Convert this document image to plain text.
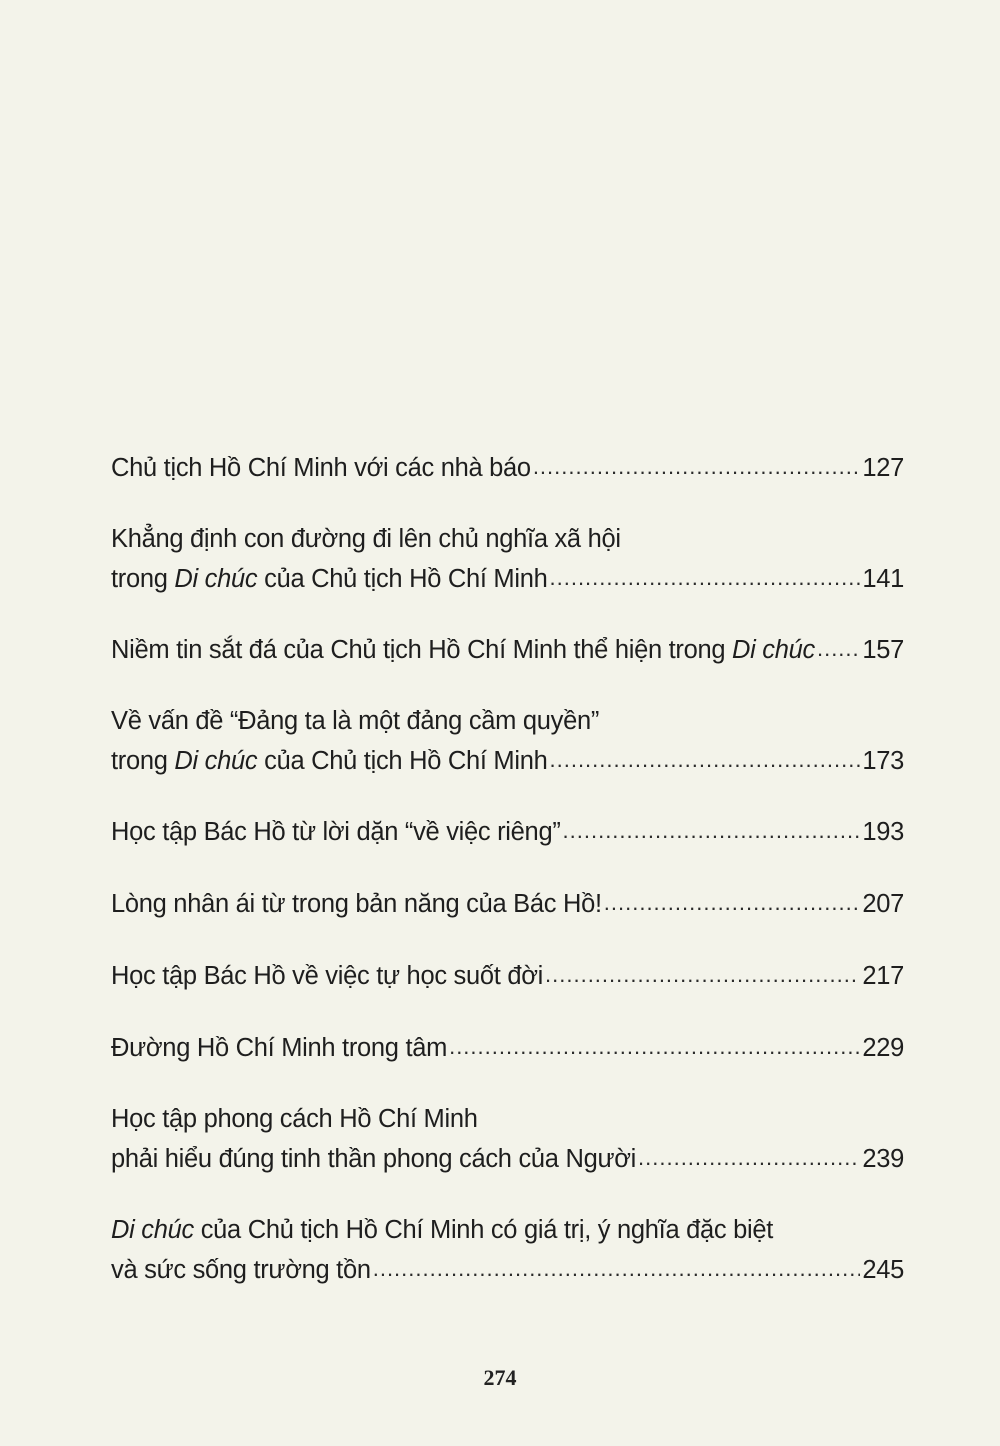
Chủ tịch Hồ Chí Minh với các nhà báo .....	127
Khẳng định con đường đi lên chủ nghĩa xã hội
trong Di chúc của Chủ tịch Hồ Chí Minh .....	141
Niềm tin sắt đá của Chủ tịch Hồ Chí Minh thể hiện trong Di chúc ..... 157
Về vấn đề “Đảng ta là một đảng cầm quyền”
trong Di chúc của Chủ tịch Hồ Chí Minh .....	173
Học tập Bác Hồ từ lời dặn “về việc riêng” .....	193
Lòng nhân ái từ trong bản năng của Bác Hồ! .....	207
Học tập Bác Hồ về việc tự học suốt đời .....	217
Đường Hồ Chí Minh trong tâm .....	229
Học tập phong cách Hồ Chí Minh
phải hiểu đúng tinh thần phong cách của Người .....	239
Di chúc của Chủ tịch Hồ Chí Minh có giá trị, ý nghĩa đặc biệt
và sức sống trường tồn .....	245
274
